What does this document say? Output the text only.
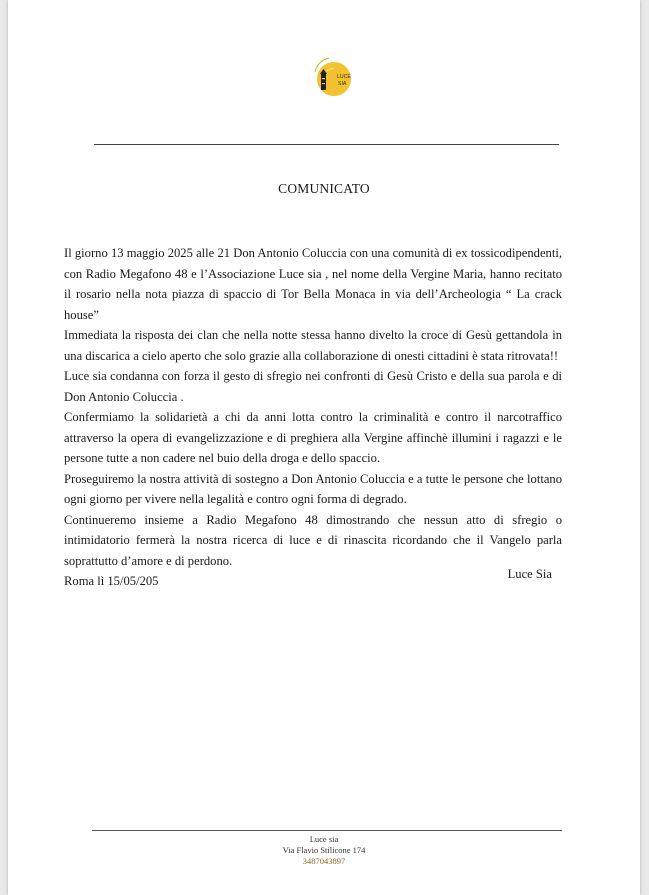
LUCE
SIA
COMUNICATO

Il giorno 13 maggio 2025 alle 21 Don Antonio Coluccia con una comunità di ex tossicodipendenti, con Radio Megafono 48 e l’Associazione Luce sia , nel nome della Vergine Maria, hanno recitato il rosario nella nota piazza di spaccio di Tor Bella Monaca in via dell’Archeologia “ La crack house”

Immediata la risposta dei clan che nella notte stessa hanno divelto la croce di Gesù gettandola in una discarica a cielo aperto che solo grazie alla collaborazione di onesti cittadini è stata ritrovata!!

Luce sia condanna con forza il gesto di sfregio nei confronti di Gesù Cristo e della sua parola e di Don Antonio Coluccia .

Confermiamo la solidarietà a chi da anni lotta contro la criminalità e contro il narcotraffico attraverso la opera di evangelizzazione e di preghiera alla Vergine affinchè illumini i ragazzi e le persone tutte a non cadere nel buio della droga e dello spaccio.

Proseguiremo la nostra attività di sostegno a Don Antonio Coluccia e a tutte le persone che lottano ogni giorno per vivere nella legalità e contro ogni forma di degrado.

Continueremo insieme a Radio Megafono 48 dimostrando che nessun atto di sfregio o intimidatorio fermerà la nostra ricerca di luce e di rinascita ricordando che il Vangelo parla soprattutto d’amore e di perdono.

Roma lì 15/05/205	Luce Sia
Luce sia
Via Flavio Stilicone 174
3487043897
